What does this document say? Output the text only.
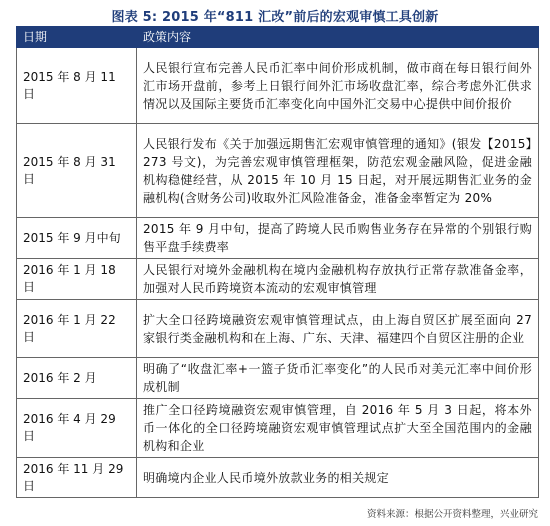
图表 5: 2015 年“811 汇改”前后的宏观审慎工具创新
日期	政策内容
2015 年 8 月 11 日	人民银行宣布完善人民币汇率中间价形成机制，做市商在每日银行间外汇市场开盘前，参考上日银行间外汇市场收盘汇率，综合考虑外汇供求情况以及国际主要货币汇率变化向中国外汇交易中心提供中间价报价
2015 年 8 月 31 日	人民银行发布《关于加强远期售汇宏观审慎管理的通知》(银发【2015】273 号文)，为完善宏观审慎管理框架，防范宏观金融风险，促进金融机构稳健经营，从 2015 年 10 月 15 日起，对开展远期售汇业务的金融机构(含财务公司)收取外汇风险准备金，准备金率暂定为 20%
2015 年 9 月中旬	2015 年 9 月中旬，提高了跨境人民币购售业务存在异常的个别银行购售平盘手续费率
2016 年 1 月 18 日	人民银行对境外金融机构在境内金融机构存放执行正常存款准备金率，加强对人民币跨境资本流动的宏观审慎管理
2016 年 1 月 22 日	扩大全口径跨境融资宏观审慎管理试点，由上海自贸区扩展至面向 27 家银行类金融机构和在上海、广东、天津、福建四个自贸区注册的企业
2016 年 2 月	明确了“收盘汇率+一篮子货币汇率变化”的人民币对美元汇率中间价形成机制
2016 年 4 月 29 日	推广全口径跨境融资宏观审慎管理，自 2016 年 5 月 3 日起，将本外币一体化的全口径跨境融资宏观审慎管理试点扩大至全国范围内的金融机构和企业
2016 年 11 月 29 日	明确境内企业人民币境外放款业务的相关规定
资料来源：根据公开资料整理，兴业研究
